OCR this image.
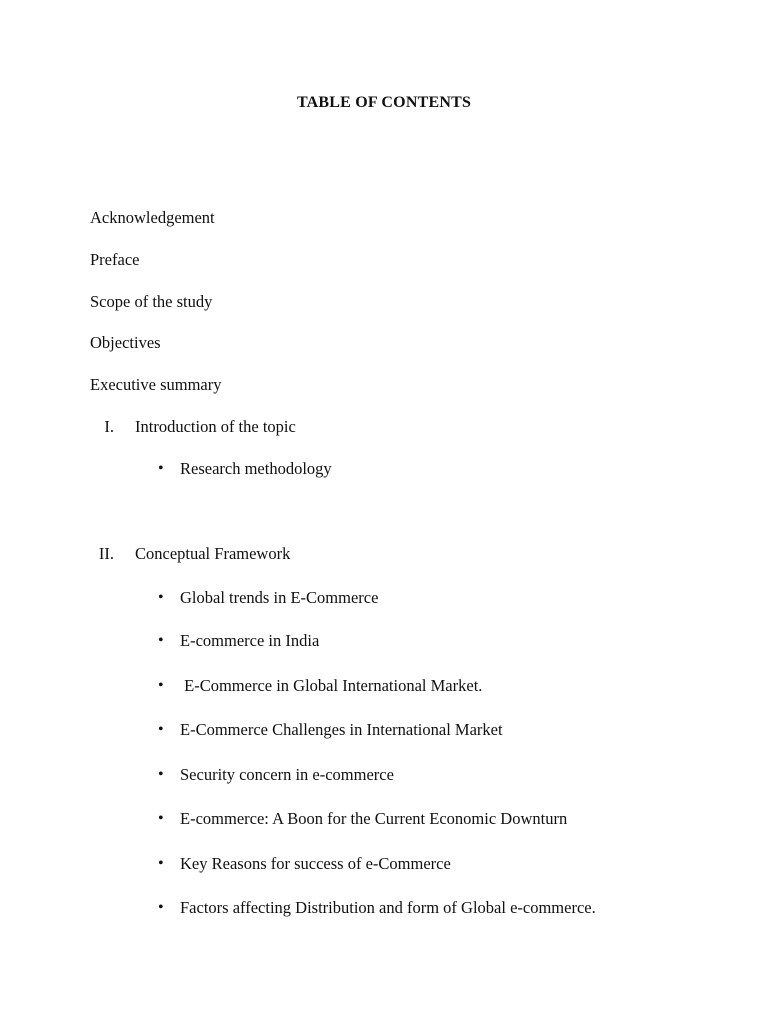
TABLE OF CONTENTS
Acknowledgement
Preface
Scope of the study
Objectives
Executive summary
I. Introduction of the topic
• Research methodology
II. Conceptual Framework
• Global trends in E-Commerce
• E-commerce in India
• E-Commerce in Global International Market.
• E-Commerce Challenges in International Market
• Security concern in e-commerce
• E-commerce: A Boon for the Current Economic Downturn
• Key Reasons for success of e-Commerce
• Factors affecting Distribution and form of Global e-commerce.
